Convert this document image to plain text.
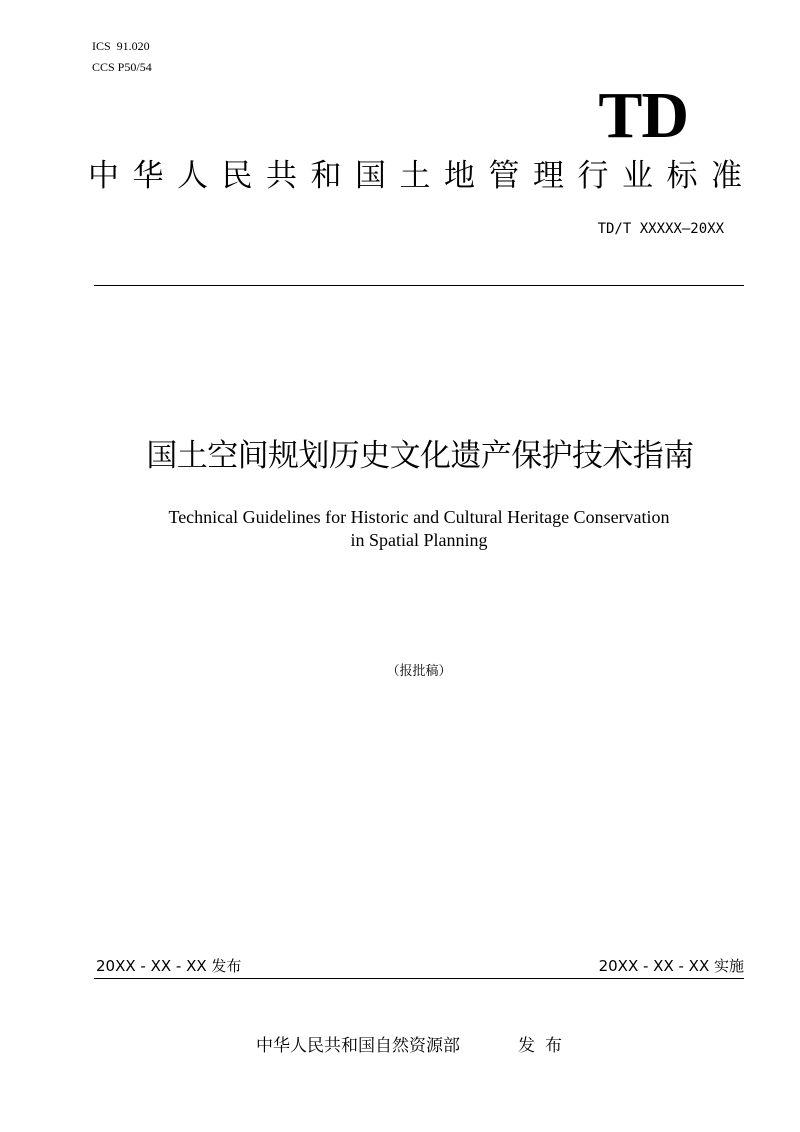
ICS  91.020
CCS P50/54
TD
中华人民共和国土地管理行业标准
TD/T XXXXX—20XX
国土空间规划历史文化遗产保护技术指南
Technical Guidelines for Historic and Cultural Heritage Conservation
in Spatial Planning
（报批稿）
20XX - XX - XX 发布	20XX - XX - XX 实施
中华人民共和国自然资源部	发布
